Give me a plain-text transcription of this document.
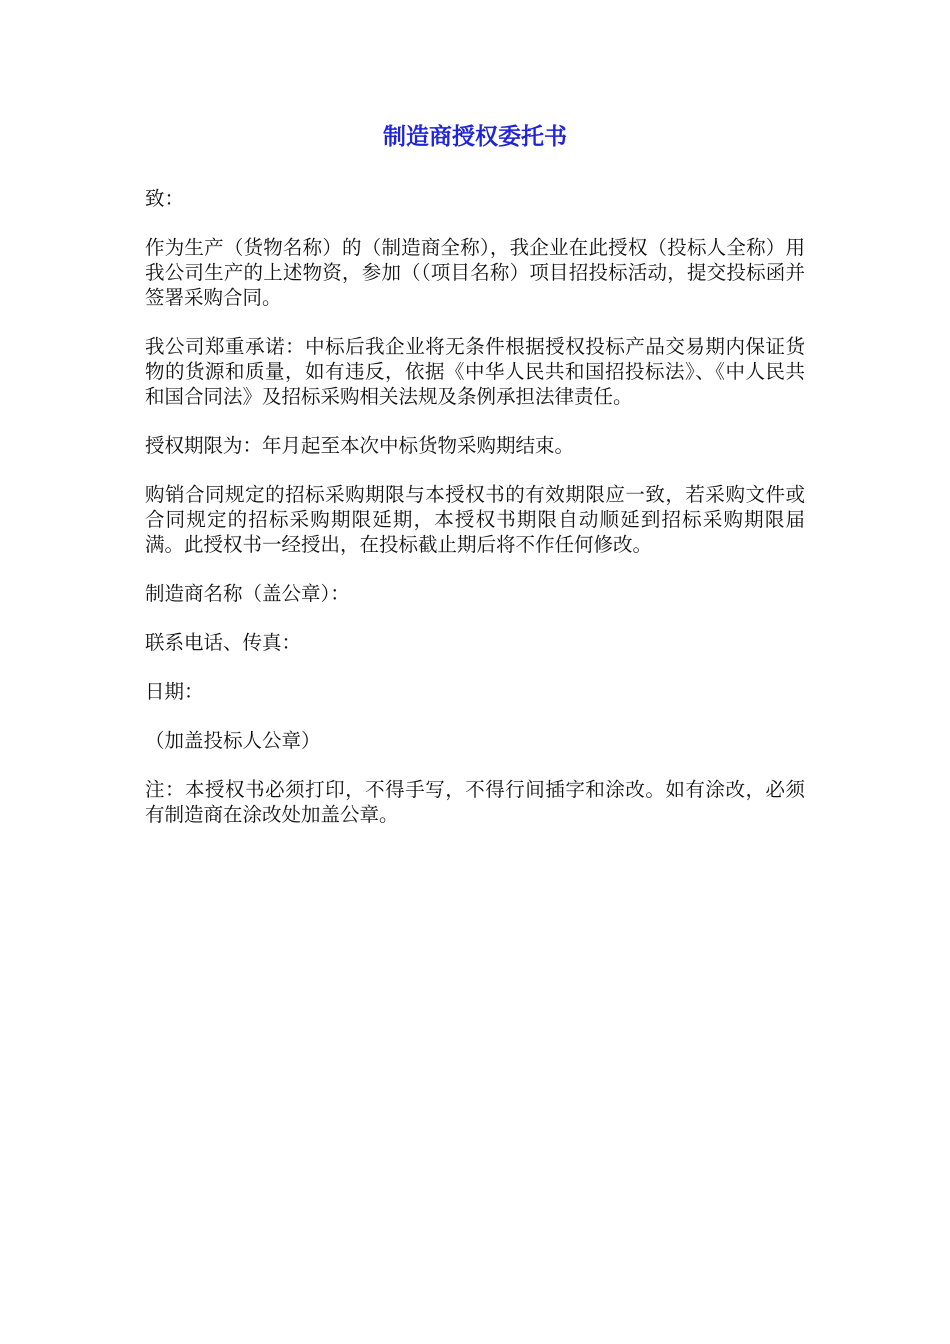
制造商授权委托书

致：

作为生产（货物名称）的（制造商全称），我企业在此授权（投标人全称）用我公司生产的上述物资，参加（（项目名称）项目招投标活动，提交投标函并签署采购合同。

我公司郑重承诺：中标后我企业将无条件根据授权投标产品交易期内保证货物的货源和质量，如有违反，依据《中华人民共和国招投标法》、《中人民共和国合同法》及招标采购相关法规及条例承担法律责任。

授权期限为：年月起至本次中标货物采购期结束。

购销合同规定的招标采购期限与本授权书的有效期限应一致，若采购文件或合同规定的招标采购期限延期，本授权书期限自动顺延到招标采购期限届满。此授权书一经授出，在投标截止期后将不作任何修改。

制造商名称（盖公章）：

联系电话、传真：

日期：

（加盖投标人公章）

注：本授权书必须打印，不得手写，不得行间插字和涂改。如有涂改，必须有制造商在涂改处加盖公章。
